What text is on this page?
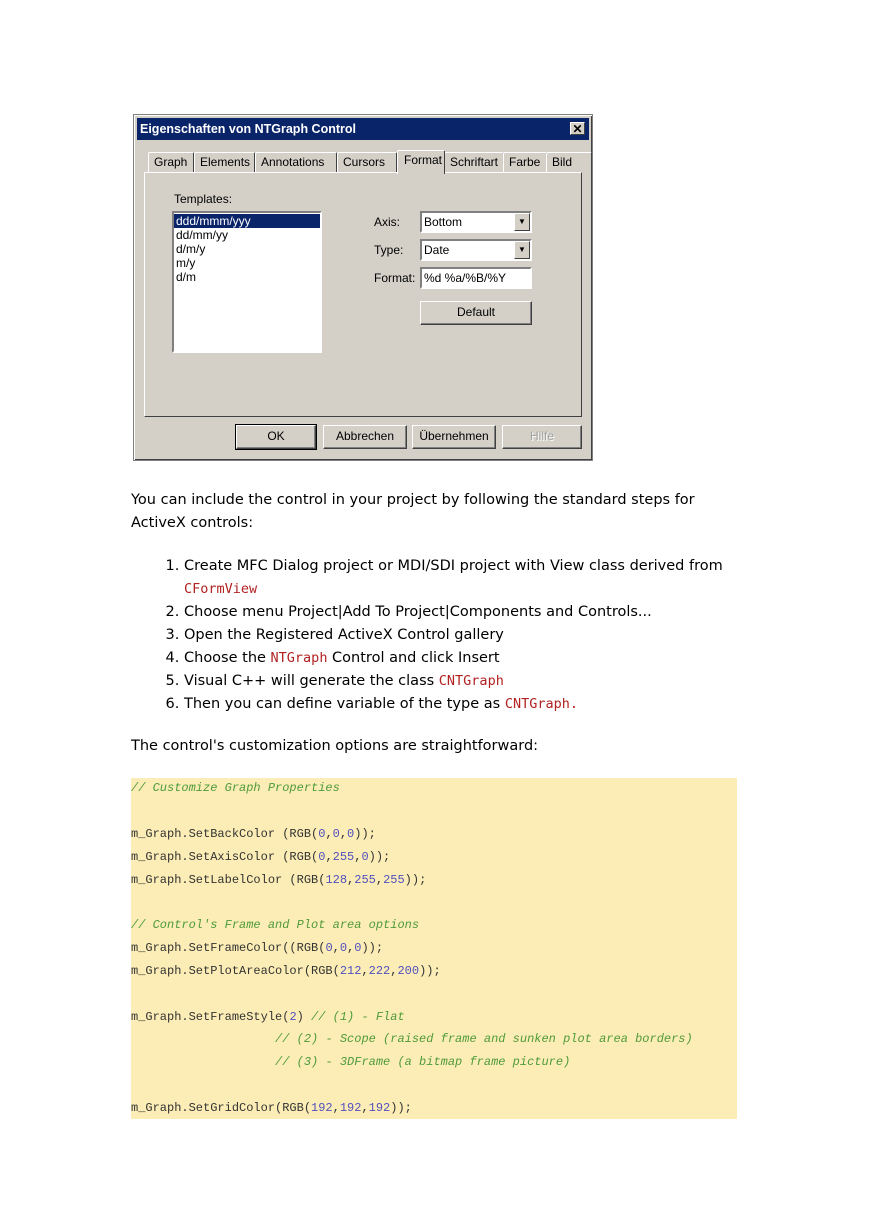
Eigenschaften von NTGraph Control	✕
Graph	Elements Annotations	Cursors	Format Schriftart Farbe Bild
Templates:
ddd/mmm/yyy
dd/mm/yy
d/m/y
m/y
d/m
Axis:	Bottom	▼
Type:	Date	▼
Format: %d %a/%B/%Y
Default
OK	Abbrechen	Übernehmen	Hilfe
You can include the control in your project by following the standard steps for
ActiveX controls:
1. Create MFC Dialog project or MDI/SDI project with View class derived from
CFormView
2. Choose menu Project|Add To Project|Components and Controls...
3. Open the Registered ActiveX Control gallery
4. Choose the NTGraph Control and click Insert
5. Visual C++ will generate the class CNTGraph
6. Then you can define variable of the type as CNTGraph.
The control's customization options are straightforward:
// Customize Graph Properties
m_Graph.SetBackColor (RGB(0,0,0));
m_Graph.SetAxisColor (RGB(0,255,0));
m_Graph.SetLabelColor (RGB(128,255,255));
// Control's Frame and Plot area options
m_Graph.SetFrameColor((RGB(0,0,0));
m_Graph.SetPlotAreaColor(RGB(212,222,200));
m_Graph.SetFrameStyle(2) // (1) - Flat
// (2) - Scope (raised frame and sunken plot area borders)
// (3) - 3DFrame (a bitmap frame picture)
m_Graph.SetGridColor(RGB(192,192,192));
